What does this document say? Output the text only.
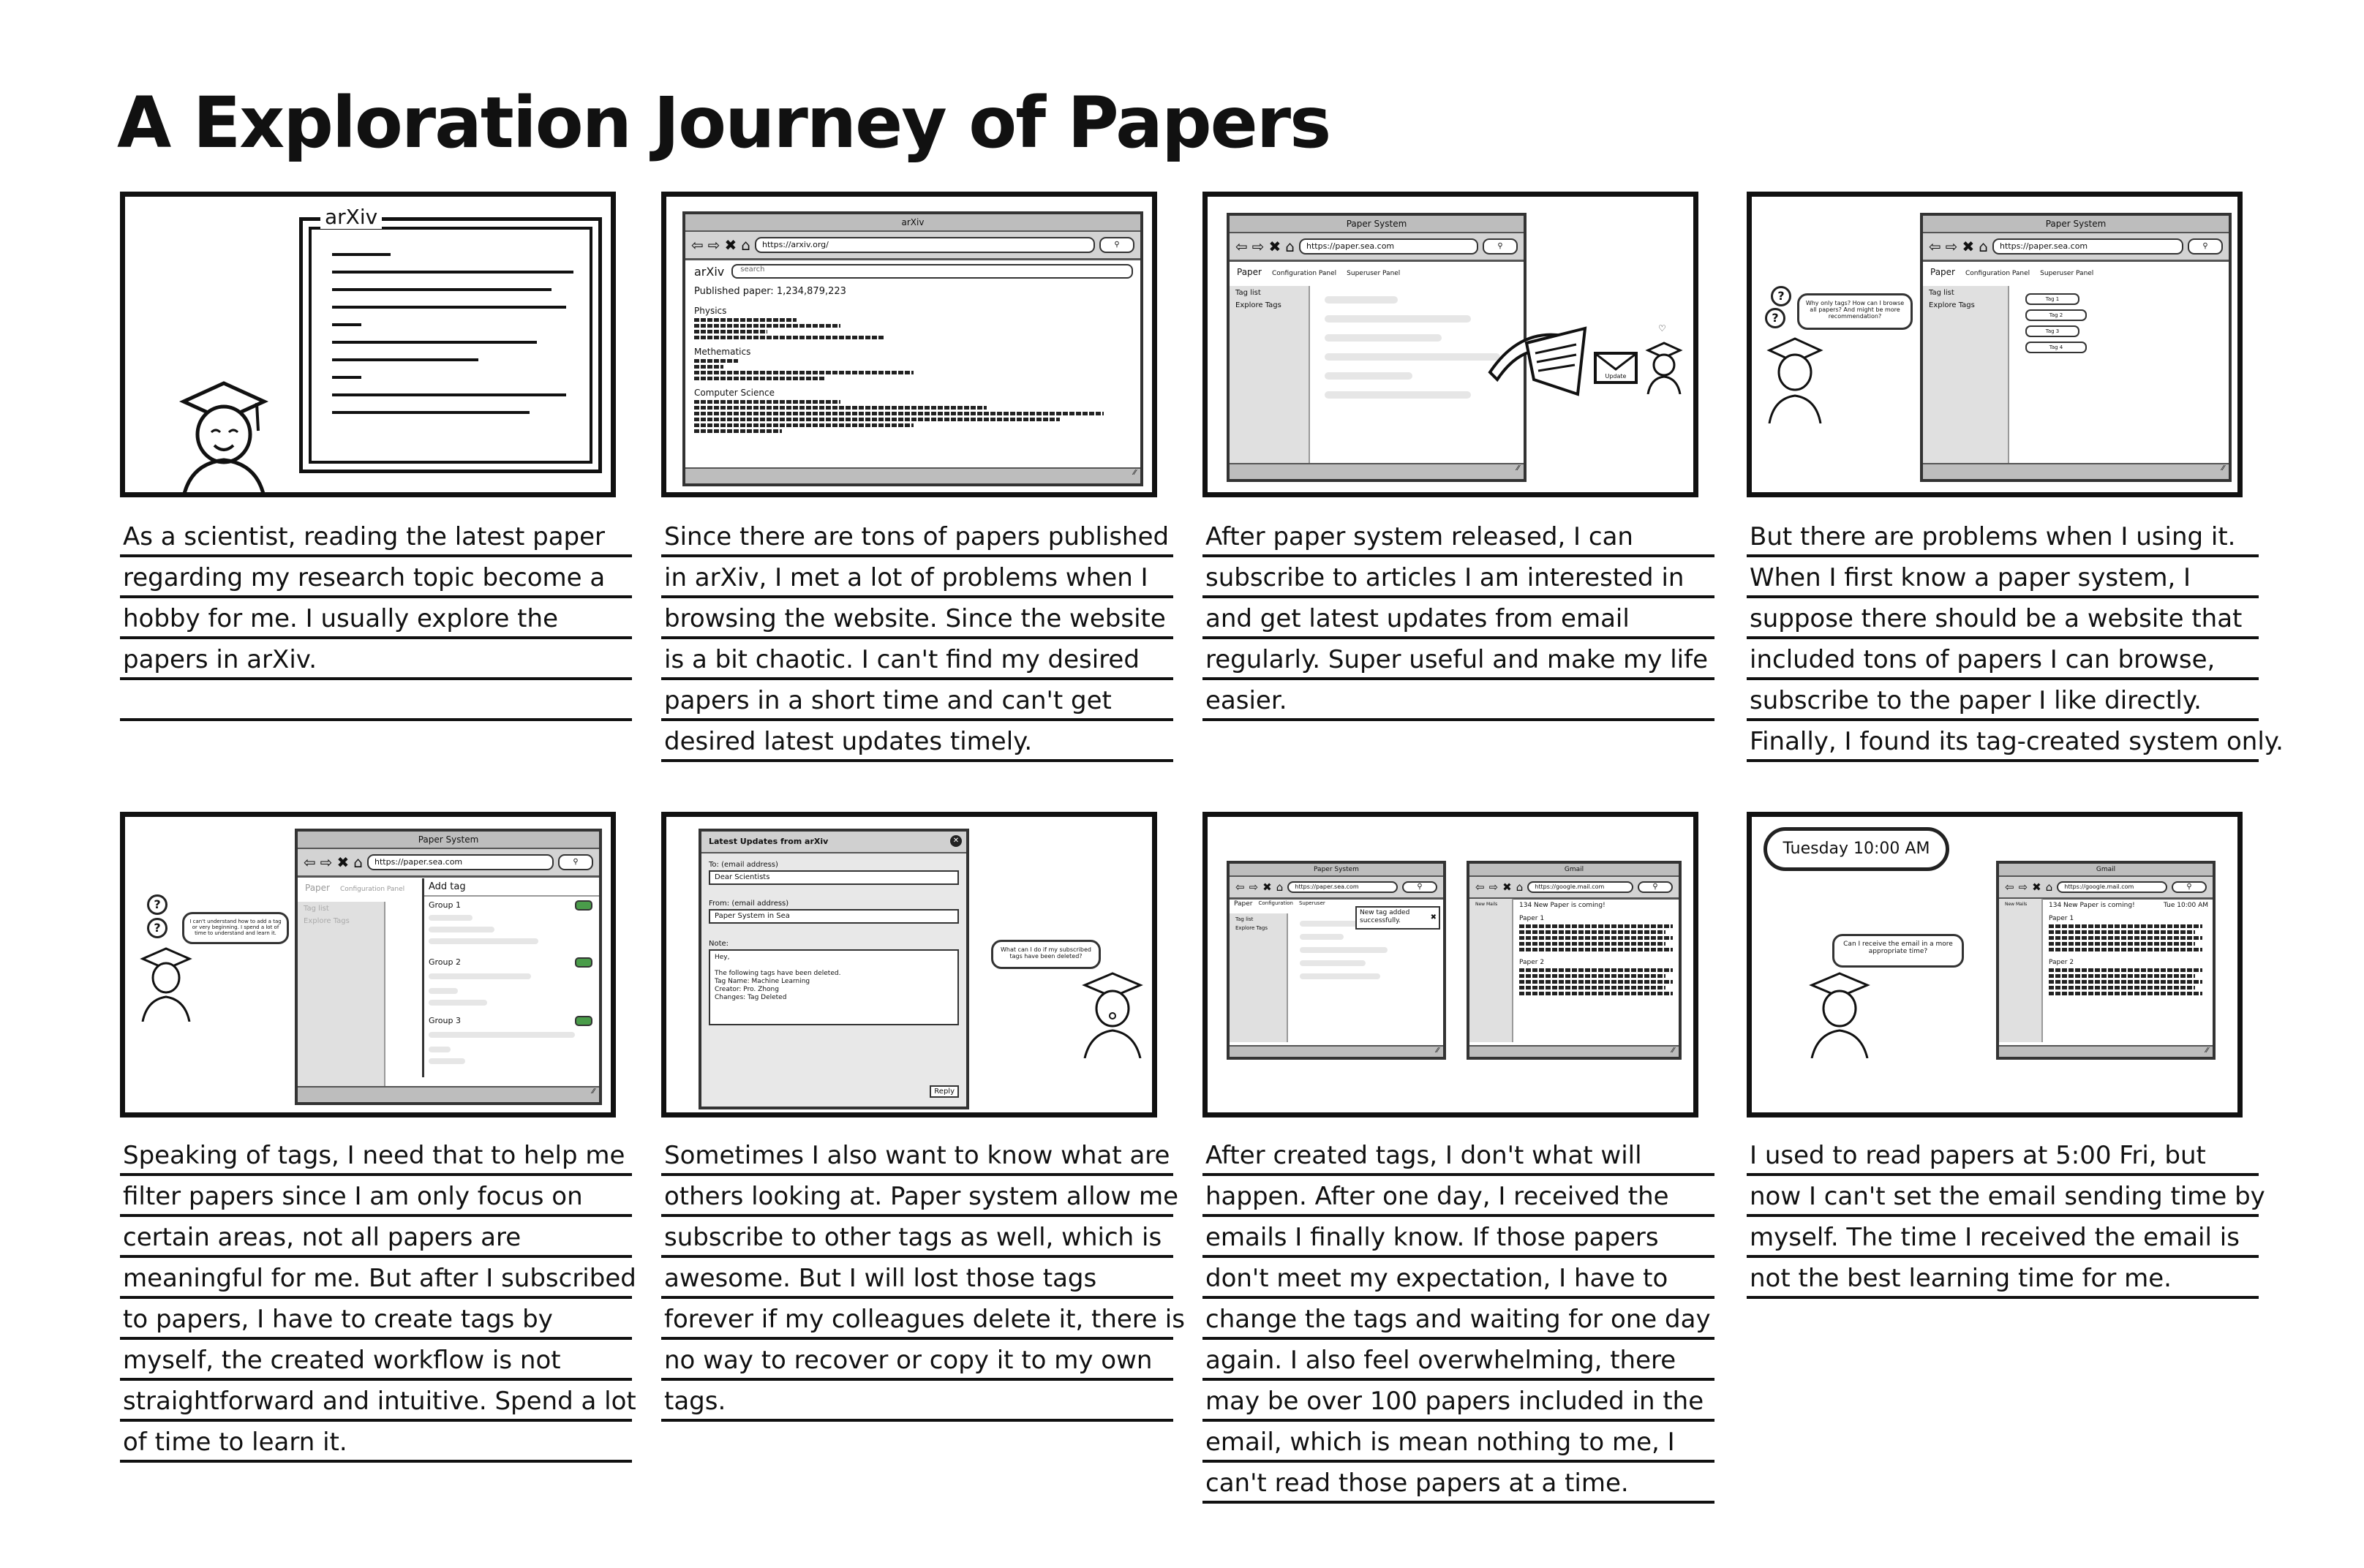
A Exploration Journey of Papers
arXiv
As a scientist, reading the latest paper
regarding my research topic become a
hobby for me. I usually explore the
papers in arXiv.
arXiv
⇦ ⇨ ✖ ⌂	https://arxiv.org/	⚲
arXiv	search
Published paper: 1,234,879,223
Physics
Methematics
Computer Science
⁄⁄
Since there are tons of papers published
in arXiv, I met a lot of problems when I
browsing the website. Since the website
is a bit chaotic. I can't find my desired
papers in a short time and can't get
desired latest updates timely.
Paper System
⇦ ⇨ ✖ ⌂	https://paper.sea.com	⚲
Paper Configuration Panel Superuser Panel
Tag list
Explore Tags
⁄⁄
Update
♡
After paper system released, I can
subscribe to articles I am interested in
and get latest updates from email
regularly. Super useful and make my life
easier.
Paper System
⇦ ⇨ ✖ ⌂	https://paper.sea.com	⚲
Paper Configuration Panel Superuser Panel
Tag list
Explore Tags
Tag 1
Tag 2
Tag 3
Tag 4
⁄⁄
?
?
Why only tags? How can I browse all papers? And might be more recommendation?
But there are problems when I using it.
When I first know a paper system, I
suppose there should be a website that
included tons of papers I can browse,
subscribe to the paper I like directly.
Finally, I found its tag-created system only.
Paper System
⇦ ⇨ ✖ ⌂	https://paper.sea.com	⚲
Paper Configuration Panel
Tag list
Explore Tags
Add tag
Group 1
Group 2
Group 3
⁄⁄
?
?	I can't understand how to add a tag or very beginning. I spend a lot of time to understand and learn it.
Speaking of tags, I need that to help me
filter papers since I am only focus on
certain areas, not all papers are
meaningful for me. But after I subscribed
to papers, I have to create tags by
myself, the created workflow is not
straightforward and intuitive. Spend a lot
of time to learn it.
Latest Updates from arXiv	✕
To: (email address)
Dear Scientists
From: (email address)
Paper System in Sea
Note:
Hey,
The following tags have been deleted.
Tag Name: Machine Learning
Creator: Pro. Zhong
Changes: Tag Deleted
Reply
What can I do if my subscribed tags have been deleted?
Sometimes I also want to know what are
others looking at. Paper system allow me
subscribe to other tags as well, which is
awesome. But I will lost those tags
forever if my colleagues delete it, there is
no way to recover or copy it to my own
tags.
Paper System
⇦ ⇨ ✖ ⌂	https://paper.sea.com	⚲
Paper Configuration Superuser
Tag list
Explore Tags
New tag added successfully.	✖
⁄⁄
Gmail
⇦ ⇨ ✖ ⌂	https://google.mail.com	⚲
New Mails	134 New Paper is coming!
Paper 1
Paper 2
⁄⁄
After created tags, I don't what will
happen. After one day, I received the
emails I finally know. If those papers
don't meet my expectation, I have to
change the tags and waiting for one day
again. I also feel overwhelming, there
may be over 100 papers included in the
email, which is mean nothing to me, I
can't read those papers at a time.
Tuesday 10:00 AM
Gmail
⇦ ⇨ ✖ ⌂	https://google.mail.com	⚲
New Mails	134 New Paper is coming!	Tue 10:00 AM
Paper 1
Paper 2
⁄⁄
Can I receive the email in a more appropriate time?
I used to read papers at 5:00 Fri, but
now I can't set the email sending time by
myself. The time I received the email is
not the best learning time for me.
